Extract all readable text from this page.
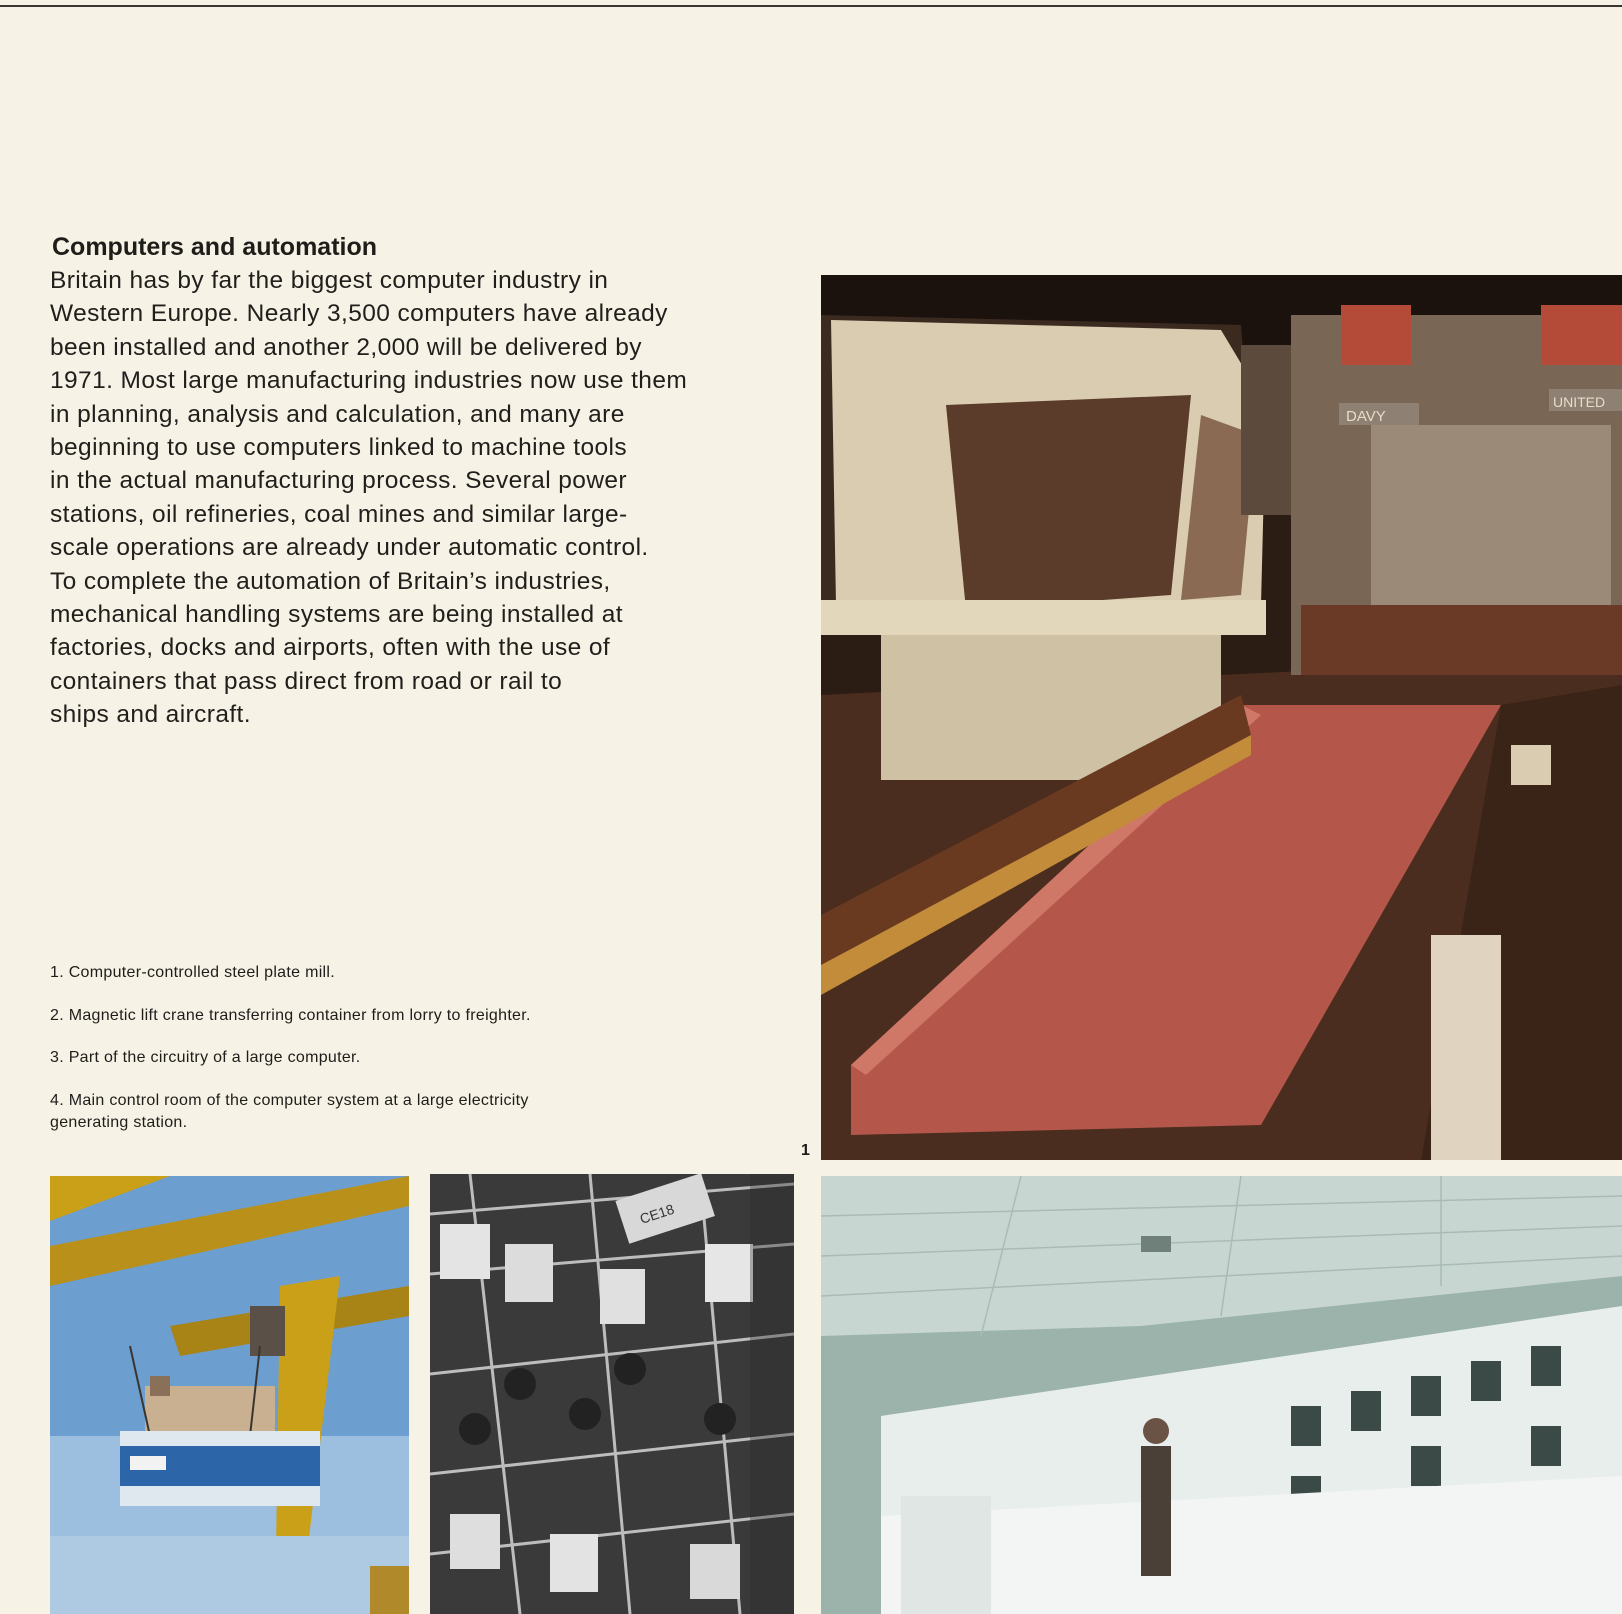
Computers and automation

Britain has by far the biggest computer industry in
Western Europe. Nearly 3,500 computers have already
been installed and another 2,000 will be delivered by
1971. Most large manufacturing industries now use them
in planning, analysis and calculation, and many are
beginning to use computers linked to machine tools
in the actual manufacturing process. Several power
stations, oil refineries, coal mines and similar large-
scale operations are already under automatic control.
To complete the automation of Britain’s industries,
mechanical handling systems are being installed at
factories, docks and airports, often with the use of
containers that pass direct from road or rail to
ships and aircraft.

1. Computer-controlled steel plate mill.
2. Magnetic lift crane transferring container from lorry to freighter.
3. Part of the circuitry of a large computer.
4. Main control room of the computer system at a large electricity generating station.
1
DAVY
UNITED
CE18
